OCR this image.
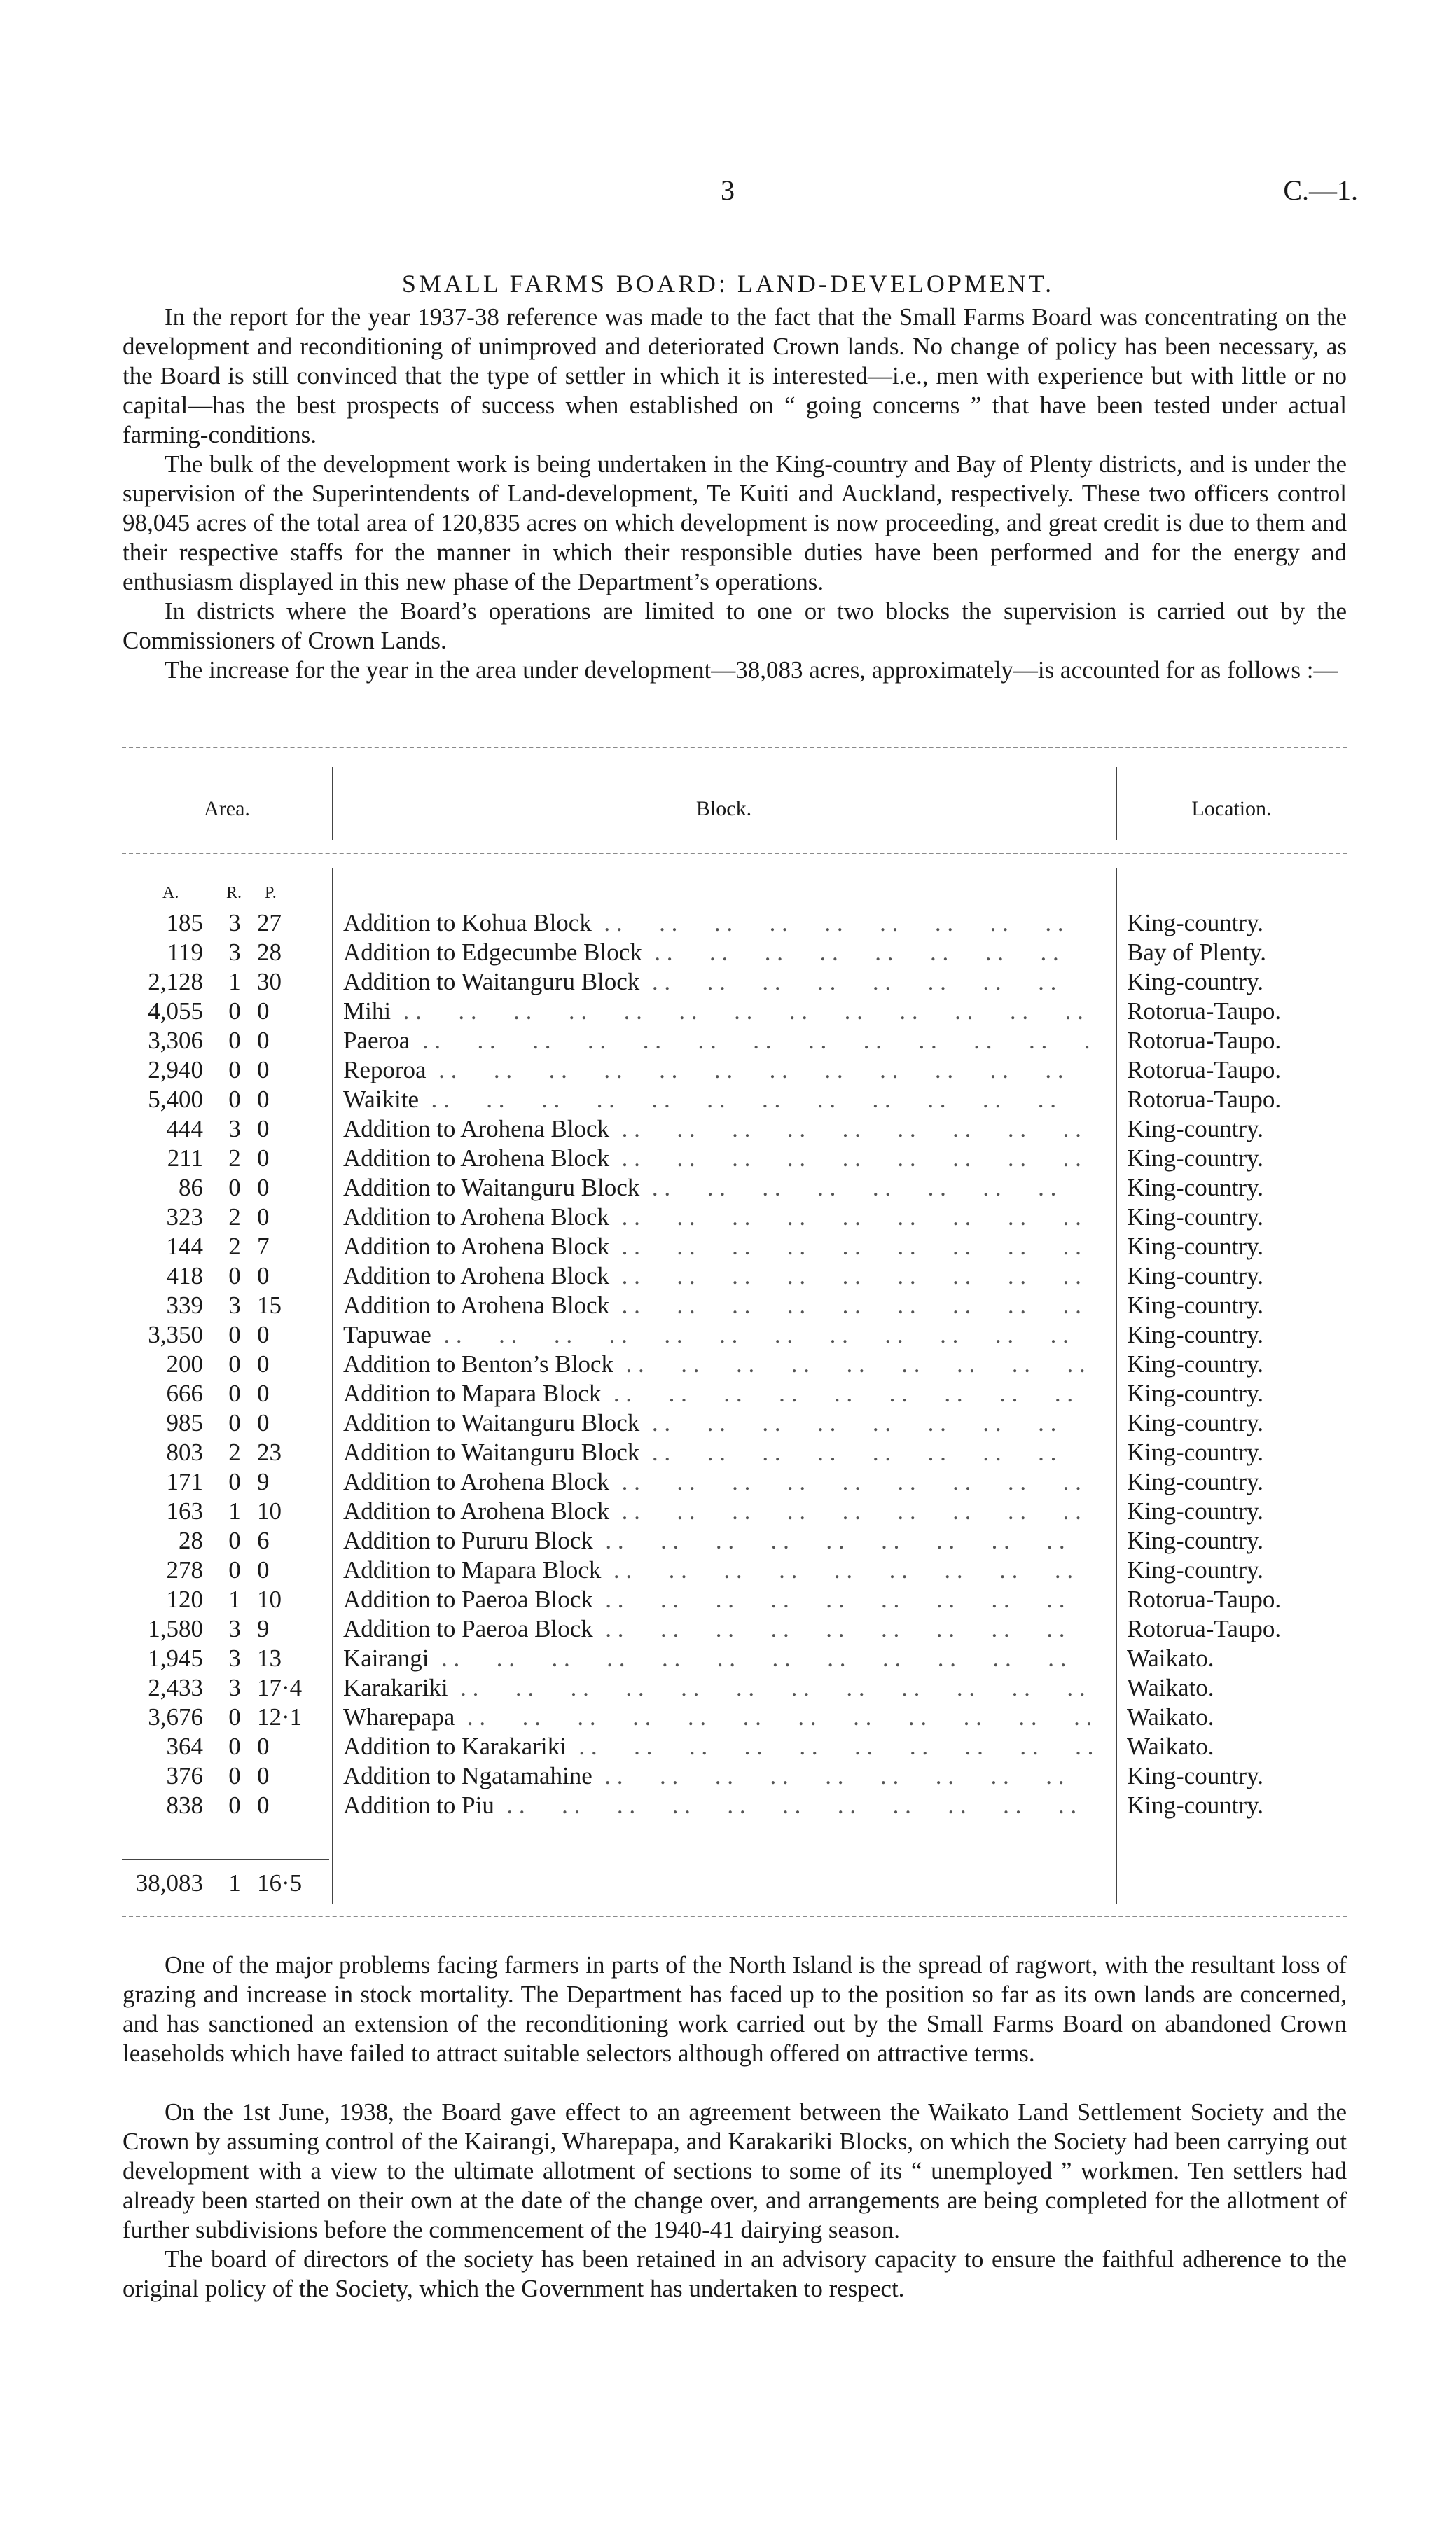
3	C.—1.
SMALL FARMS BOARD: LAND-DEVELOPMENT.

In the report for the year 1937-38 reference was made to the fact that the Small Farms Board was concentrating on the development and reconditioning of unimproved and deteriorated Crown lands. No change of policy has been necessary, as the Board is still convinced that the type of settler in which it is interested—i.e., men with experience but with little or no capital—has the best prospects of success when established on “ going concerns ” that have been tested under actual farming-conditions.

The bulk of the development work is being undertaken in the King-country and Bay of Plenty districts, and is under the supervision of the Superintendents of Land-development, Te Kuiti and Auckland, respectively. These two officers control 98,045 acres of the total area of 120,835 acres on which development is now proceeding, and great credit is due to them and their respective staffs for the manner in which their responsible duties have been performed and for the energy and enthusiasm displayed in this new phase of the Department’s operations.

In districts where the Board’s operations are limited to one or two blocks the supervision is carried out by the Commissioners of Crown Lands.

The increase for the year in the area under development—38,083 acres, approximately—is accounted for as follows :—

Area.	Block.	Location.
A.	R. P.
185 3 27	Addition to Kohua Block . .	King-country.
119 3 28	Addition to Edgecumbe Block . .	Bay of Plenty.
2,128 1 30	Addition to Waitanguru Block . .	King-country.
4,055 0 0	Mihi . .	Rotorua-Taupo.
3,306 0 0	Paeroa . .	Rotorua-Taupo.
2,940 0 0	Reporoa . .	Rotorua-Taupo.
5,400 0 0	Waikite . .	Rotorua-Taupo.
444 3 0	Addition to Arohena Block . .	King-country.
211 2 0	Addition to Arohena Block . .	King-country.
86 0 0	Addition to Waitanguru Block . .	King-country.
323 2 0	Addition to Arohena Block . .	King-country.
144 2 7	Addition to Arohena Block . .	King-country.
418 0 0	Addition to Arohena Block . .	King-country.
339 3 15	Addition to Arohena Block . .	King-country.
3,350 0 0	Tapuwae . .	King-country.
200 0 0	Addition to Benton’s Block . .	King-country.
666 0 0	Addition to Mapara Block . .	King-country.
985 0 0	Addition to Waitanguru Block . .	King-country.
803 2 23	Addition to Waitanguru Block . .	King-country.
171 0 9	Addition to Arohena Block . .	King-country.
163 1 10	Addition to Arohena Block . .	King-country.
28 0 6	Addition to Pururu Block . .	King-country.
278 0 0	Addition to Mapara Block . .	King-country.
120 1 10	Addition to Paeroa Block . .	Rotorua-Taupo.
1,580 3 9	Addition to Paeroa Block . .	Rotorua-Taupo.
1,945 3 13	Kairangi . .	Waikato.
2,433 3 17·4 Karakariki . .	Waikato.
3,676 0 12·1 Wharepapa . .	Waikato.
364 0 0	Addition to Karakariki . .	Waikato.
376 0 0	Addition to Ngatamahine . .	King-country.
838 0 0	Addition to Piu . .	King-country.
38,083 1 16·5

One of the major problems facing farmers in parts of the North Island is the spread of ragwort, with the resultant loss of grazing and increase in stock mortality. The Department has faced up to the position so far as its own lands are concerned, and has sanctioned an extension of the reconditioning work carried out by the Small Farms Board on abandoned Crown leaseholds which have failed to attract suitable selectors although offered on attractive terms.

On the 1st June, 1938, the Board gave effect to an agreement between the Waikato Land Settlement Society and the Crown by assuming control of the Kairangi, Wharepapa, and Karakariki Blocks, on which the Society had been carrying out development with a view to the ultimate allotment of sections to some of its “ unemployed ” workmen. Ten settlers had already been started on their own at the date of the change over, and arrangements are being completed for the allotment of further subdivisions before the commencement of the 1940-41 dairying season.

The board of directors of the society has been retained in an advisory capacity to ensure the faithful adherence to the original policy of the Society, which the Government has undertaken to respect.
